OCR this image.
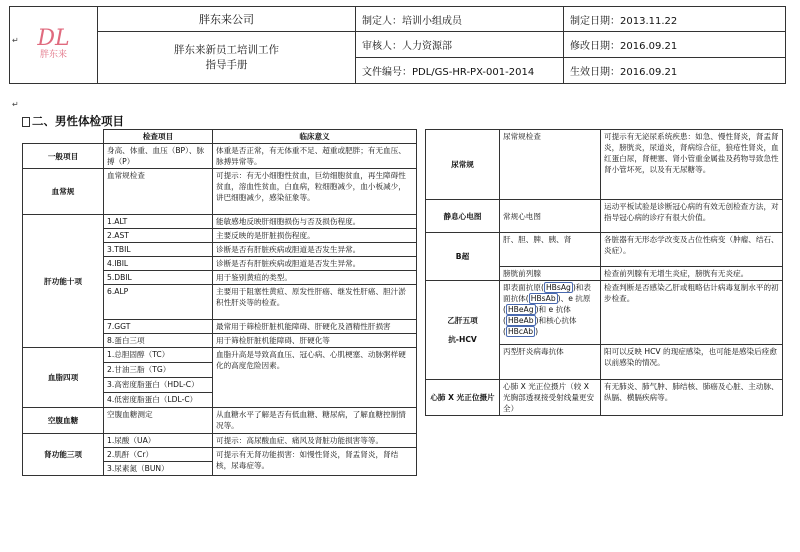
↵
↵
DL
胖东来	胖东来公司	制定人：培训小组成员	制定日期：2013.11.22

	胖东来新员工培训工作
指导手册	审核人：人力资源部	修改日期：2016.09.21
		文件编号：PDL/GS-HR-PX-001-2014	生效日期：2016.09.21
二、男性体检项目
	检查项目	临床意义
一般项目	身高、体重、血压（BP）、脉搏（P）	体重是否正常，有无体重不足、超重或肥胖；有无血压、脉搏异常等。
血常规	血常规检查	可提示：有无小细胞性贫血，巨幼细胞贫血，再生障碍性贫血，溶血性贫血，白血病，粒细胞减少，血小板减少，讲巴细胞减少，感染征象等。
肝功能十项	1.ALT	能敏感地反映肝细胞损伤与否及损伤程度。
	2.AST	主要反映的是肝脏损伤程度。
	3.TBIL	诊断是否有肝脏疾病或胆道是否发生异常。
	4.IBIL	诊断是否有肝脏疾病或胆道是否发生异常。
	5.DBIL	用于鉴别黄疸的类型。
	6.ALP	主要用于阻塞性黄疸、原发性肝癌、继发性肝癌、胆汁淤积性肝炎等的检查。
	7.GGT	最常用于筛检肝脏机能障碍、肝硬化及酒精性肝损害
	8.蛋白三项	用于筛检肝脏机能障碍、肝硬化等
血脂四项	1.总胆固醇（TC）	血脂升高是导致高血压、冠心病、心肌梗塞、动脉粥样硬化的高度危险因素。
	2.甘油三脂（TG）	
	3.高密度脂蛋白（HDL-C）	
	4.低密度脂蛋白（LDL-C）	
空腹血糖	空腹血糖测定	从血糖水平了解是否有低血糖、糖尿病，了解血糖控制情况等。
肾功能三项	1.尿酸（UA）	可提示：高尿酸血症、痛风及肾脏功能损害等等。
	2.肌酐（Cr）	可提示有无肾功能损害：如慢性肾炎，肾盂肾炎，肾结核，尿毒症等。
	3.尿素氮（BUN）	
尿常规	尿常规检查	可提示有无泌尿系统疾患：如急、慢性肾炎，肾盂肾炎，膀胱炎，尿道炎，肾病综合征，狼疮性肾炎，血红蛋白尿，肾梗塞、肾小管重金属盐及药物导致急性肾小管坏死，以及有无尿糖等。
静息心电图	常规心电图	运动平板试验是诊断冠心病的有效无创检查方法，对指导冠心病的诊疗有很大价值。
B超	肝、胆、脾、胰、肾	各脏器有无形态学改变及占位性病变（肿瘤、结石、炎症）。
	膀胱前列腺	检查前列腺有无增生炎症，膀胱有无炎症。

乙肝五项
抗-HCV	即表面抗原( HBsAg )和表面抗体( HBsAb )、e 抗原( HBeAg )和 e 抗体( HBeAb )和核心抗体( HBcAb )	检查判断是否感染乙肝或粗略估计病毒复制水平的初步检查。
	丙型肝炎病毒抗体	阳可以反映 HCV 的现症感染，也可能是感染后痊愈以前感染的情况。
心肺 X 光正位摄片	心肺 X 光正位摄片（较 X 光胸部透视接受射线量更安全）	有无肺炎、肺气肿、肺结核、肺癌及心脏、主动脉、纵膈、横膈疾病等。
